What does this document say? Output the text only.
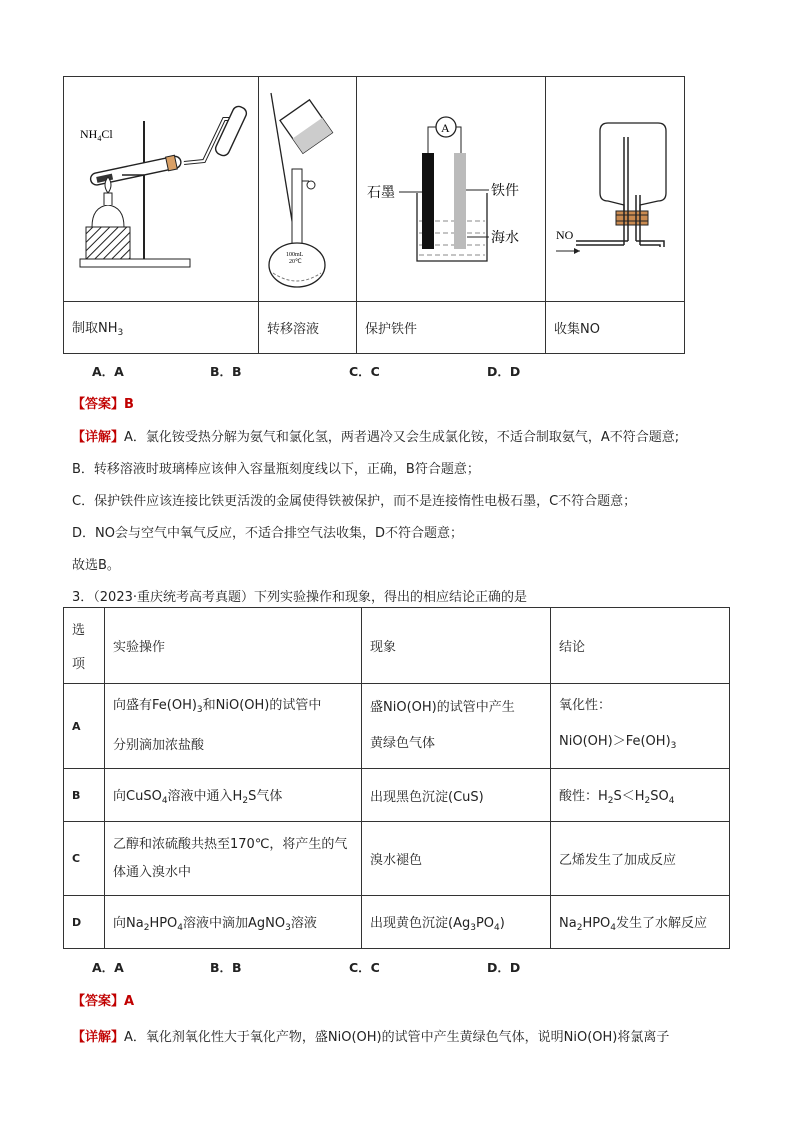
$NH_4Cl$	100mL
20℃	A
石墨 铁件
海水	NO

制取$NH_3$	转移溶液	保护铁件	收集NO
A．A	B．B	C．C	D．D
【答案】B
【详解】A．氯化铵受热分解为氨气和氯化氢，两者遇冷又会生成氯化铵，不适合制取氨气，A不符合题意;
B．转移溶液时玻璃棒应该伸入容量瓶刻度线以下，正确，B符合题意；
C．保护铁件应该连接比铁更活泼的金属使得铁被保护，而不是连接惰性电极石墨，C不符合题意；
D．NO会与空气中氧气反应，不适合排空气法收集，D不符合题意；
故选B。
3．（2023·重庆统考高考真题）下列实验操作和现象，得出的相应结论正确的是
选

项	实验操作	现象	结论
A	向盛有$Fe(OH)_3$和NiO(OH)的试管中
分别滴加浓盐酸	盛NiO(OH)的试管中产生
黄绿色气体	氧化性：
$NiO(OH)>Fe(OH)_3$
B	向CuSO$_4$溶液中通入$H_2S$气体	出现黑色沉淀(CuS)	酸性：$H_2S<H_2SO_4$
C	乙醇和浓硫酸共热至170℃，将产生的气
体通入溴水中	溴水褪色	乙烯发生了加成反应
D	向$Na_2HPO_4$溶液中滴加AgNO$_3$溶液	出现黄色沉淀$(Ag_3PO_4)$	$Na_2HPO_4$发生了水解反应
A．A	B．B	C．C	D．D
【答案】A
【详解】A．氧化剂氧化性大于氧化产物，盛NiO(OH)的试管中产生黄绿色气体，说明NiO(OH)将氯离子
